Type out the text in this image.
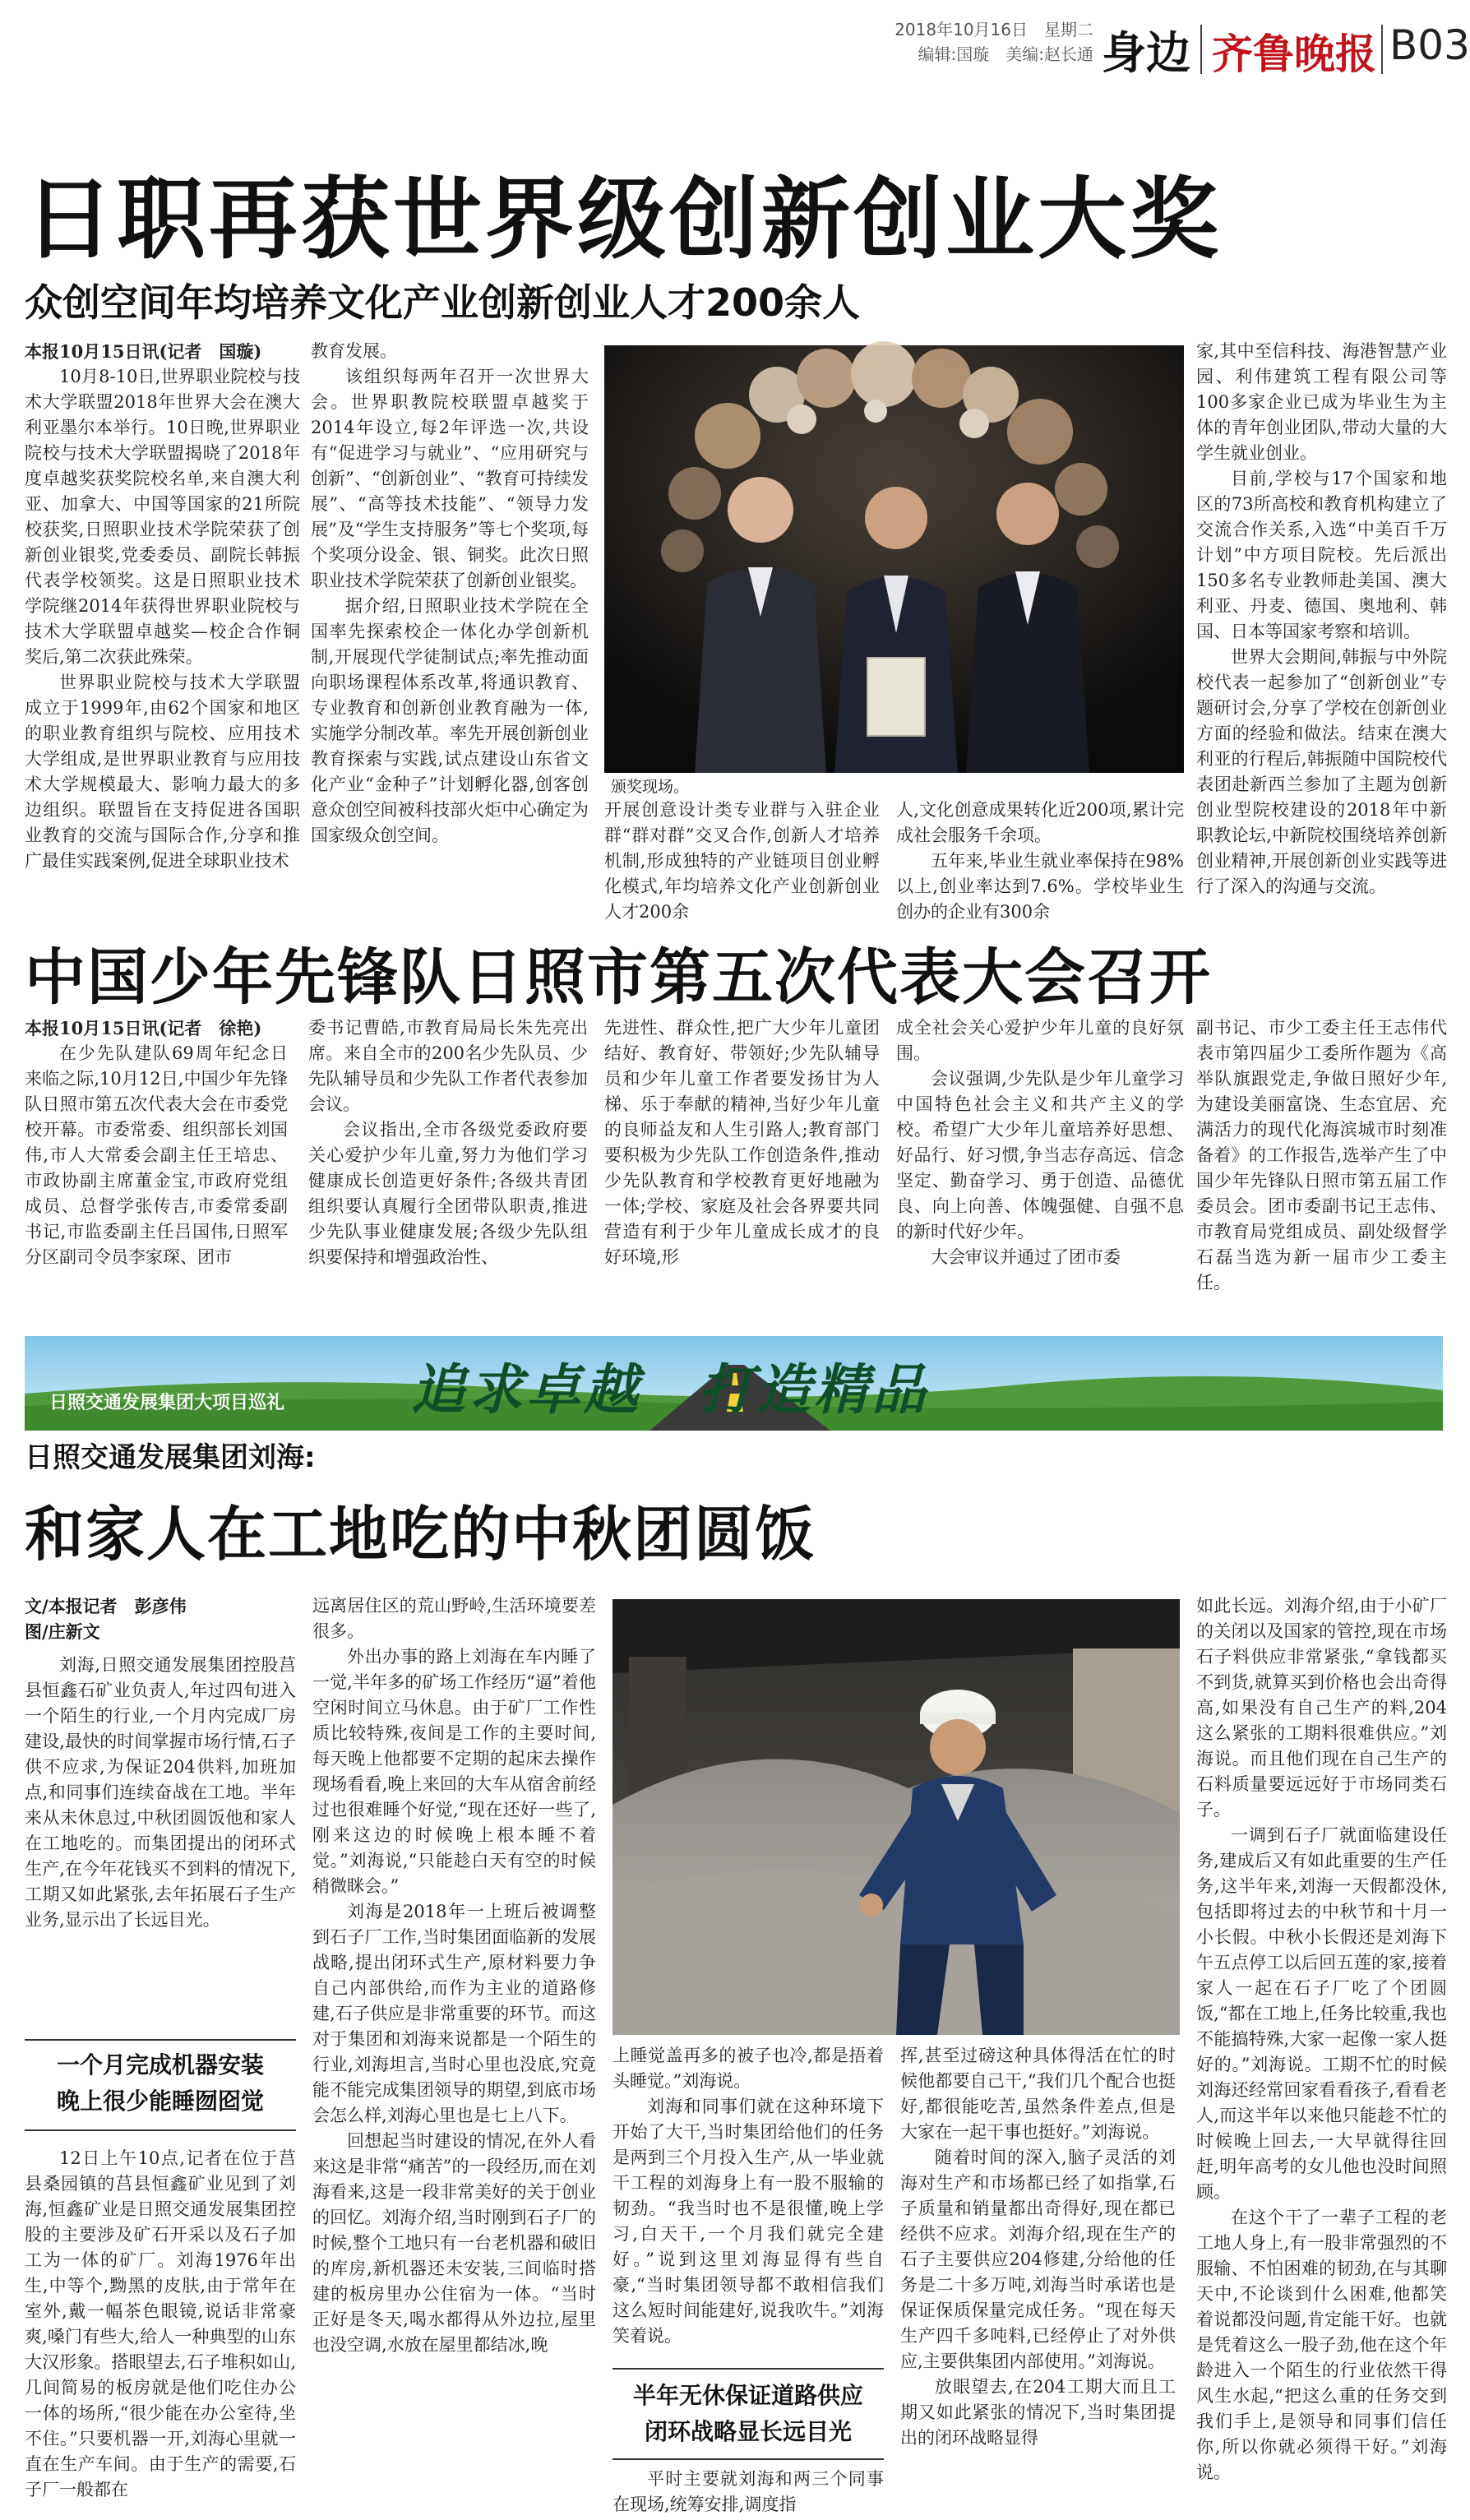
2018年10月16日　星期二
编辑:国璇　美编:赵长通 身边 齐鲁晚报 B03
日职再获世界级创新创业大奖
众创空间年均培养文化产业创新创业人才200余人

本报10月15日讯(记者　国璇)

10月8-10日,世界职业院校与技术大学联盟2018年世界大会在澳大利亚墨尔本举行。10日晚,世界职业院校与技术大学联盟揭晓了2018年度卓越奖获奖院校名单,来自澳大利亚、加拿大、中国等国家的21所院校获奖,日照职业技术学院荣获了创新创业银奖,党委委员、副院长韩振代表学校领奖。这是日照职业技术学院继2014年获得世界职业院校与技术大学联盟卓越奖—校企合作铜奖后,第二次获此殊荣。

世界职业院校与技术大学联盟成立于1999年,由62个国家和地区的职业教育组织与院校、应用技术大学组成,是世界职业教育与应用技术大学规模最大、影响力最大的多边组织。联盟旨在支持促进各国职业教育的交流与国际合作,分享和推广最佳实践案例,促进全球职业技术

教育发展。

该组织每两年召开一次世界大会。世界职教院校联盟卓越奖于2014年设立,每2年评选一次,共设有“促进学习与就业”、“应用研究与创新”、“创新创业”、“教育可持续发展”、“高等技术技能”、“领导力发展”及“学生支持服务”等七个奖项,每个奖项分设金、银、铜奖。此次日照职业技术学院荣获了创新创业银奖。

据介绍,日照职业技术学院在全国率先探索校企一体化办学创新机制,开展现代学徒制试点;率先推动面向职场课程体系改革,将通识教育、专业教育和创新创业教育融为一体,实施学分制改革。率先开展创新创业教育探索与实践,试点建设山东省文化产业“金种子”计划孵化器,创客创意众创空间被科技部火炬中心确定为国家级众创空间。

颁奖现场。

开展创意设计类专业群与入驻企业群“群对群”交叉合作,创新人才培养机制,形成独特的产业链项目创业孵化模式,年均培养文化产业创新创业人才200余

人,文化创意成果转化近200项,累计完成社会服务千余项。

五年来,毕业生就业率保持在98%以上,创业率达到7.6%。学校毕业生创办的企业有300余

家,其中至信科技、海港智慧产业园、利伟建筑工程有限公司等100多家企业已成为毕业生为主体的青年创业团队,带动大量的大学生就业创业。

目前,学校与17个国家和地区的73所高校和教育机构建立了交流合作关系,入选“中美百千万计划”中方项目院校。先后派出150多名专业教师赴美国、澳大利亚、丹麦、德国、奥地利、韩国、日本等国家考察和培训。

世界大会期间,韩振与中外院校代表一起参加了“创新创业”专题研讨会,分享了学校在创新创业方面的经验和做法。结束在澳大利亚的行程后,韩振随中国院校代表团赴新西兰参加了主题为创新创业型院校建设的2018年中新职教论坛,中新院校围绕培养创新创业精神,开展创新创业实践等进行了深入的沟通与交流。

中国少年先锋队日照市第五次代表大会召开

本报10月15日讯(记者　徐艳)

在少先队建队69周年纪念日来临之际,10月12日,中国少年先锋队日照市第五次代表大会在市委党校开幕。市委常委、组织部长刘国伟,市人大常委会副主任王培忠、市政协副主席董金宝,市政府党组成员、总督学张传吉,市委常委副书记,市监委副主任吕国伟,日照军分区副司令员李家琛、团市

委书记曹皓,市教育局局长朱先亮出席。来自全市的200名少先队员、少先队辅导员和少先队工作者代表参加会议。

会议指出,全市各级党委政府要关心爱护少年儿童,努力为他们学习健康成长创造更好条件;各级共青团组织要认真履行全团带队职责,推进少先队事业健康发展;各级少先队组织要保持和增强政治性、

先进性、群众性,把广大少年儿童团结好、教育好、带领好;少先队辅导员和少年儿童工作者要发扬甘为人梯、乐于奉献的精神,当好少年儿童的良师益友和人生引路人;教育部门要积极为少先队工作创造条件,推动少先队教育和学校教育更好地融为一体;学校、家庭及社会各界要共同营造有利于少年儿童成长成才的良好环境,形

成全社会关心爱护少年儿童的良好氛围。

会议强调,少先队是少年儿童学习中国特色社会主义和共产主义的学校。希望广大少年儿童培养好思想、好品行、好习惯,争当志存高远、信念坚定、勤奋学习、勇于创造、品德优良、向上向善、体魄强健、自强不息的新时代好少年。

大会审议并通过了团市委

副书记、市少工委主任王志伟代表市第四届少工委所作题为《高举队旗跟党走,争做日照好少年,为建设美丽富饶、生态宜居、充满活力的现代化海滨城市时刻准备着》的工作报告,选举产生了中国少年先锋队日照市第五届工作委员会。团市委副书记王志伟、市教育局党组成员、副处级督学石磊当选为新一届市少工委主任。

日照交通发展集团大项目巡礼 追求卓越　打造精品
日照交通发展集团刘海:
和家人在工地吃的中秋团圆饭
文/本报记者　彭彦伟
图/庄新文

刘海,日照交通发展集团控股莒县恒鑫石矿业负责人,年过四旬进入一个陌生的行业,一个月内完成厂房建设,最快的时间掌握市场行情,石子供不应求,为保证204供料,加班加点,和同事们连续奋战在工地。半年来从未休息过,中秋团圆饭他和家人在工地吃的。而集团提出的闭环式生产,在今年花钱买不到料的情况下,工期又如此紧张,去年拓展石子生产业务,显示出了长远目光。

一个月完成机器安装
晚上很少能睡囫囵觉

12日上午10点,记者在位于莒县桑园镇的莒县恒鑫矿业见到了刘海,恒鑫矿业是日照交通发展集团控股的主要涉及矿石开采以及石子加工为一体的矿厂。刘海1976年出生,中等个,黝黑的皮肤,由于常年在室外,戴一幅茶色眼镜,说话非常豪爽,嗓门有些大,给人一种典型的山东大汉形象。搭眼望去,石子堆积如山,几间简易的板房就是他们吃住办公一体的场所,“很少能在办公室待,坐不住。”只要机器一开,刘海心里就一直在生产车间。由于生产的需要,石子厂一般都在

远离居住区的荒山野岭,生活环境要差很多。

外出办事的路上刘海在车内睡了一觉,半年多的矿场工作经历“逼”着他空闲时间立马休息。由于矿厂工作性质比较特殊,夜间是工作的主要时间,每天晚上他都要不定期的起床去操作现场看看,晚上来回的大车从宿舍前经过也很难睡个好觉,“现在还好一些了,刚来这边的时候晚上根本睡不着觉。”刘海说,“只能趁白天有空的时候稍微眯会。”

刘海是2018年一上班后被调整到石子厂工作,当时集团面临新的发展战略,提出闭环式生产,原材料要力争自己内部供给,而作为主业的道路修建,石子供应是非常重要的环节。而这对于集团和刘海来说都是一个陌生的行业,刘海坦言,当时心里也没底,究竟能不能完成集团领导的期望,到底市场会怎么样,刘海心里也是七上八下。

回想起当时建设的情况,在外人看来这是非常“痛苦”的一段经历,而在刘海看来,这是一段非常美好的关于创业的回忆。刘海介绍,当时刚到石子厂的时候,整个工地只有一台老机器和破旧的库房,新机器还未安装,三间临时搭建的板房里办公住宿为一体。“当时正好是冬天,喝水都得从外边拉,屋里也没空调,水放在屋里都结冰,晚

上睡觉盖再多的被子也冷,都是捂着头睡觉。”刘海说。

刘海和同事们就在这种环境下开始了大干,当时集团给他们的任务是两到三个月投入生产,从一毕业就干工程的刘海身上有一股不服输的韧劲。“我当时也不是很懂,晚上学习,白天干,一个月我们就完全建好。”说到这里刘海显得有些自豪,“当时集团领导都不敢相信我们这么短时间能建好,说我吹牛。”刘海笑着说。

半年无休保证道路供应
闭环战略显长远目光

平时主要就刘海和两三个同事在现场,统筹安排,调度指

挥,甚至过磅这种具体得活在忙的时候他都要自己干,“我们几个配合也挺好,都很能吃苦,虽然条件差点,但是大家在一起干事也挺好。”刘海说。

随着时间的深入,脑子灵活的刘海对生产和市场都已经了如指掌,石子质量和销量都出奇得好,现在都已经供不应求。刘海介绍,现在生产的石子主要供应204修建,分给他的任务是二十多万吨,刘海当时承诺也是保证保质保量完成任务。“现在每天生产四千多吨料,已经停止了对外供应,主要供集团内部使用。”刘海说。

放眼望去,在204工期大而且工期又如此紧张的情况下,当时集团提出的闭环战略显得

如此长远。刘海介绍,由于小矿厂的关闭以及国家的管控,现在市场石子料供应非常紧张,“拿钱都买不到货,就算买到价格也会出奇得高,如果没有自己生产的料,204这么紧张的工期料很难供应。”刘海说。而且他们现在自己生产的石料质量要远远好于市场同类石子。

一调到石子厂就面临建设任务,建成后又有如此重要的生产任务,这半年来,刘海一天假都没休,包括即将过去的中秋节和十月一小长假。中秋小长假还是刘海下午五点停工以后回五莲的家,接着家人一起在石子厂吃了个团圆饭,“都在工地上,任务比较重,我也不能搞特殊,大家一起像一家人挺好的。”刘海说。工期不忙的时候刘海还经常回家看看孩子,看看老人,而这半年以来他只能趁不忙的时候晚上回去,一大早就得往回赶,明年高考的女儿他也没时间照顾。

在这个干了一辈子工程的老工地人身上,有一股非常强烈的不服输、不怕困难的韧劲,在与其聊天中,不论谈到什么困难,他都笑着说都没问题,肯定能干好。也就是凭着这么一股子劲,他在这个年龄进入一个陌生的行业依然干得风生水起,“把这么重的任务交到我们手上,是领导和同事们信任你,所以你就必须得干好。”刘海说。
